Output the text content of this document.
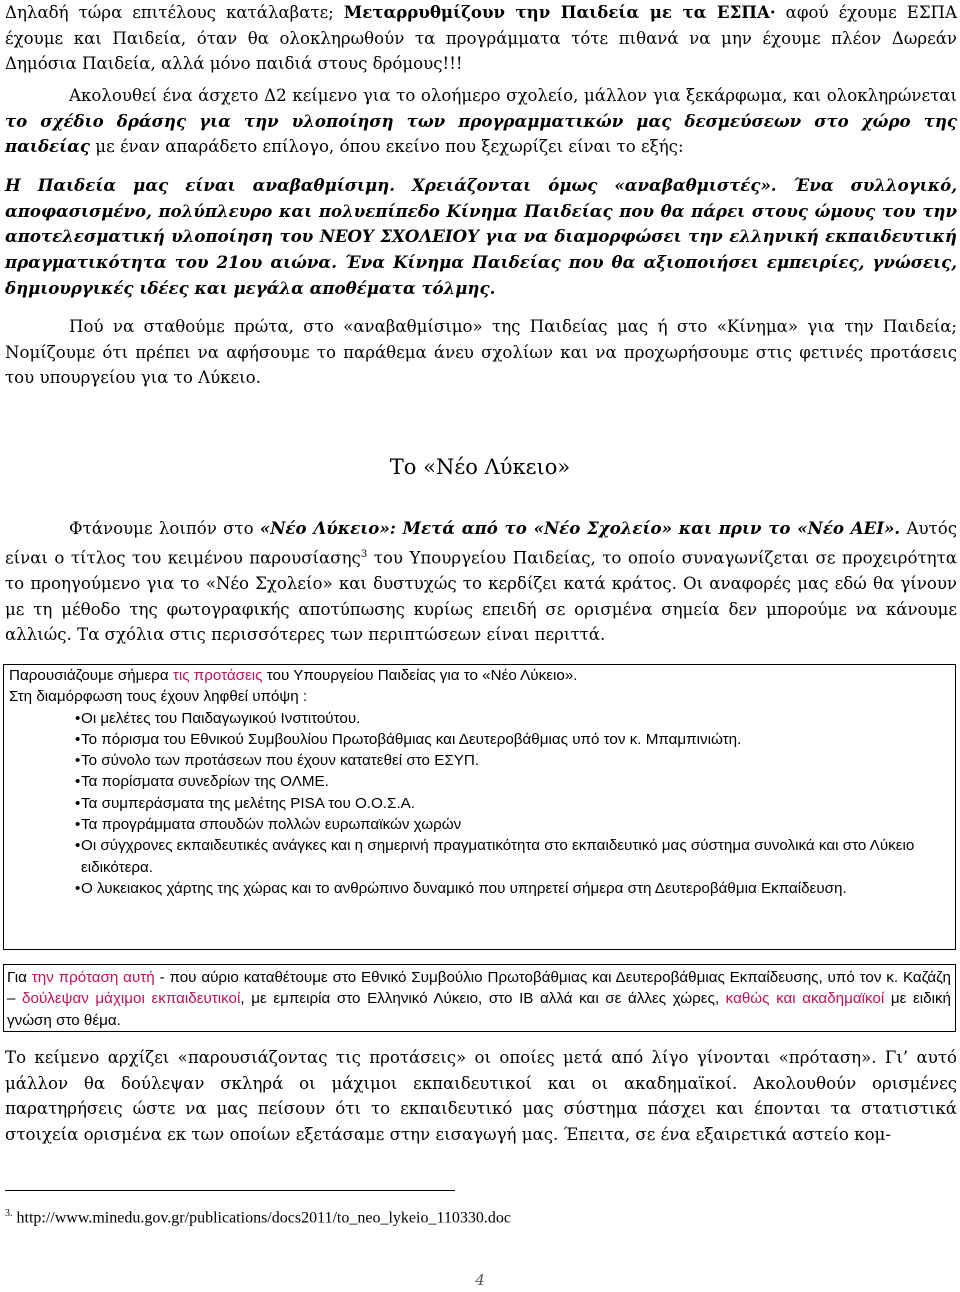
Δηλαδή τώρα επιτέλους κατάλαβατε; Μεταρρυθμίζουν την Παιδεία με τα ΕΣΠΑ· αφού έχουμε ΕΣΠΑ έχουμε και Παιδεία, όταν θα ολοκληρωθούν τα προγράμματα τότε πιθανά να μην έχουμε πλέον Δωρεάν Δημόσια Παιδεία, αλλά μόνο παιδιά στους δρόμους!!!

Ακολουθεί ένα άσχετο Δ2 κείμενο για το ολοήμερο σχολείο, μάλλον για ξεκάρφωμα, και ολοκληρώνεται το σχέδιο δράσης για την υλοποίηση των προγραμματικών μας δεσμεύσεων στο χώρο της παιδείας με έναν απαράδετο επίλογο, όπου εκείνο που ξεχωρίζει είναι το εξής:

Η Παιδεία μας είναι αναβαθμίσιμη. Χρειάζονται όμως «αναβαθμιστές». Ένα συλλογικό, αποφασισμένο, πολύπλευρο και πολυεπίπεδο Κίνημα Παιδείας που θα πάρει στους ώμους του την αποτελεσματική υλοποίηση του ΝΕΟΥ ΣΧΟΛΕΙΟΥ για να διαμορφώσει την ελληνική εκπαιδευτική πραγματικότητα του 21ου αιώνα. Ένα Κίνημα Παιδείας που θα αξιοποιήσει εμπειρίες, γνώσεις, δημιουργικές ιδέες και μεγάλα αποθέματα τόλμης.

Πού να σταθούμε πρώτα, στο «αναβαθμίσιμο» της Παιδείας μας ή στο «Κίνημα» για την Παιδεία; Νομίζουμε ότι πρέπει να αφήσουμε το παράθεμα άνευ σχολίων και να προχωρήσουμε στις φετινές προτάσεις του υπουργείου για το Λύκειο.

Το «Νέο Λύκειο»

Φτάνουμε λοιπόν στο «Νέο Λύκειο»: Μετά από το «Νέο Σχολείο» και πριν το «Νέο ΑΕΙ». Αυτός είναι ο τίτλος του κειμένου παρουσίασης$^3$ του Υπουργείου Παιδείας, το οποίο συναγωνίζεται σε προχειρότητα το προηγούμενο για το «Νέο Σχολείο» και δυστυχώς το κερδίζει κατά κράτος. Οι αναφορές μας εδώ θα γίνουν με τη μέθοδο της φωτογραφικής αποτύπωσης κυρίως επειδή σε ορισμένα σημεία δεν μπορούμε να κάνουμε αλλιώς. Τα σχόλια στις περισσότερες των περιπτώσεων είναι περιττά.

Παρουσιάζουμε σήμερα τις προτάσεις του Υπουργείου Παιδείας για το «Νέο Λύκειο».

Στη διαμόρφωση τους έχουν ληφθεί υπόψη :

• Οι μελέτες του Παιδαγωγικού Ινστιτούτου.
• Το πόρισμα του Εθνικού Συμβουλίου Πρωτοβάθμιας και Δευτεροβάθμιας υπό τον κ. Μπαμπινιώτη.
• Το σύνολο των προτάσεων που έχουν κατατεθεί στο ΕΣΥΠ.
• Τα πορίσματα συνεδρίων της ΟΛΜΕ.
• Τα συμπεράσματα της μελέτης PISA του Ο.Ο.Σ.Α.
• Τα προγράμματα σπουδών πολλών ευρωπαϊκών χωρών
• Οι σύγχρονες εκπαιδευτικές ανάγκες και η σημερινή πραγματικότητα στο εκπαιδευτικό μας σύστημα συνολικά και στο Λύκειο ειδικότερα.
• Ο λυκειακος χάρτης της χώρας και το ανθρώπινο δυναμικό που υπηρετεί σήμερα στη Δευτεροβάθμια Εκπαίδευση.
Για την πρόταση αυτή - που αύριο καταθέτουμε στο Εθνικό Συμβούλιο Πρωτοβάθμιας και Δευτεροβάθμιας Εκπαίδευσης, υπό τον κ. Καζάζη – δούλεψαν μάχιμοι εκπαιδευτικοί, με εμπειρία στο Ελληνικό Λύκειο, στο IB αλλά και σε άλλες χώρες, καθώς και ακαδημαϊκοί με ειδική γνώση στο θέμα.

Το κείμενο αρχίζει «παρουσιάζοντας τις προτάσεις» οι οποίες μετά από λίγο γίνονται «πρόταση». Γι’ αυτό μάλλον θα δούλεψαν σκληρά οι μάχιμοι εκπαιδευτικοί και οι ακαδημαϊκοί. Ακολουθούν ορισμένες παρατηρήσεις ώστε να μας πείσουν ότι το εκπαιδευτικό μας σύστημα πάσχει και έπονται τα στατιστικά στοιχεία ορισμένα εκ των οποίων εξετάσαμε στην εισαγωγή μας. Έπειτα, σε ένα εξαιρετικά αστείο κομ-

$^{3.}$ http://www.minedu.gov.gr/publications/docs2011/to_neo_lykeio_110330.doc
4
